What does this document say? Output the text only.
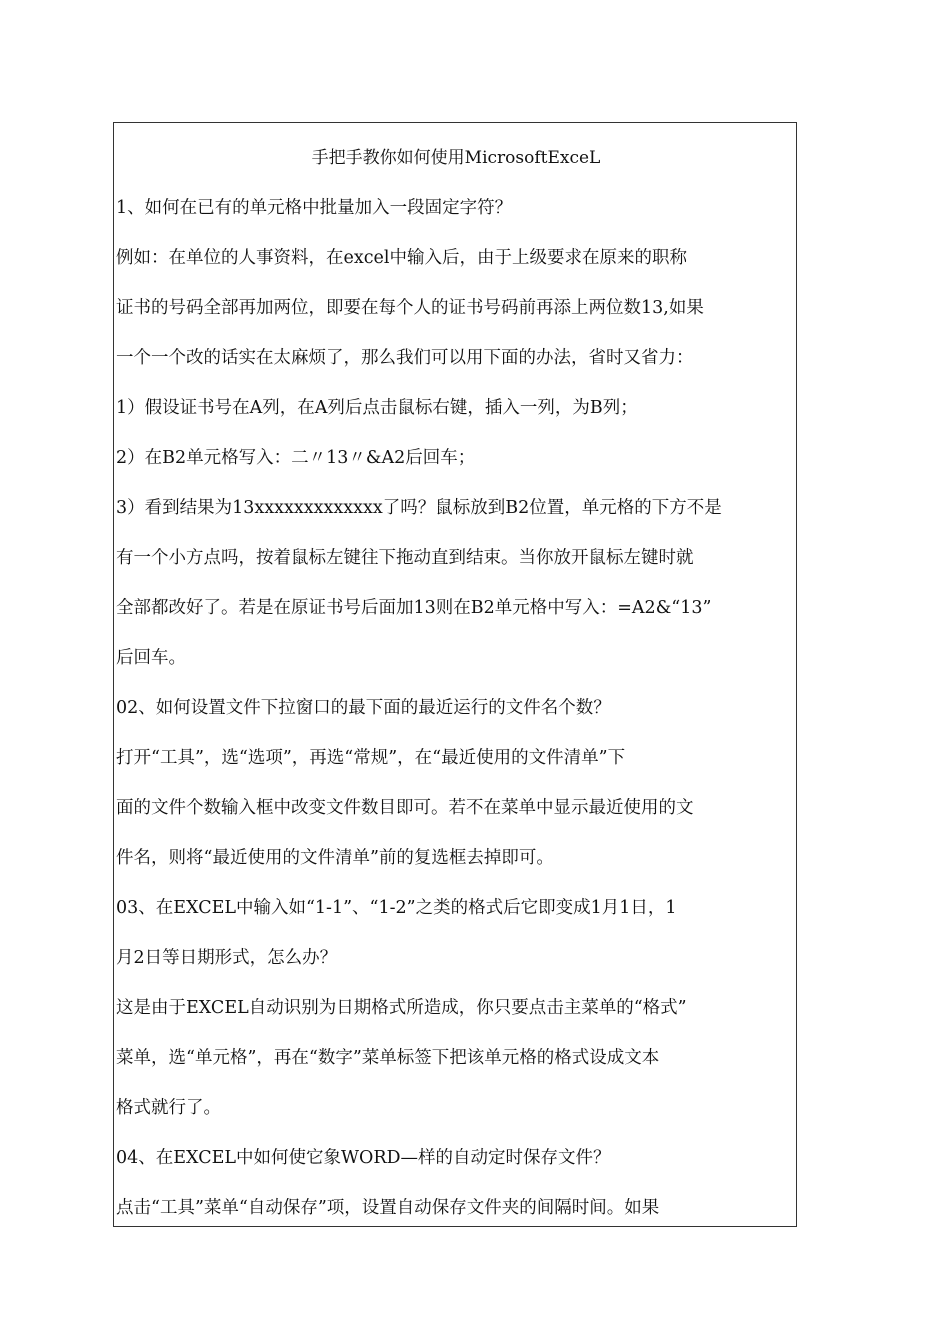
手把手教你如何使用MicrosoftExceL
1、如何在已有的单元格中批量加入一段固定字符？
例如：在单位的人事资料，在excel中输入后，由于上级要求在原来的职称
证书的号码全部再加两位，即要在每个人的证书号码前再添上两位数13,如果
一个一个改的话实在太麻烦了，那么我们可以用下面的办法，省时又省力：
1）假设证书号在A列，在A列后点击鼠标右键，插入一列，为B列；
2）在B2单元格写入：二〃13〃&A2后回车；
3）看到结果为13xxxxxxxxxxxxx了吗？鼠标放到B2位置，单元格的下方不是
有一个小方点吗，按着鼠标左键往下拖动直到结束。当你放开鼠标左键时就
全部都改好了。若是在原证书号后面加13则在B2单元格中写入：=A2&“13”
后回车。
02、如何设置文件下拉窗口的最下面的最近运行的文件名个数？
打开“工具”，选“选项”，再选“常规”，在“最近使用的文件清单”下
面的文件个数输入框中改变文件数目即可。若不在菜单中显示最近使用的文
件名，则将“最近使用的文件清单”前的复选框去掉即可。
03、在EXCEL中输入如“1-1”、“1-2”之类的格式后它即变成1月1日，1
月2日等日期形式，怎么办？
这是由于EXCEL自动识别为日期格式所造成，你只要点击主菜单的“格式”
菜单，选“单元格”，再在“数字”菜单标签下把该单元格的格式设成文本
格式就行了。
04、在EXCEL中如何使它象WORD—样的自动定时保存文件？
点击“工具”菜单“自动保存”项，设置自动保存文件夹的间隔时间。如果
